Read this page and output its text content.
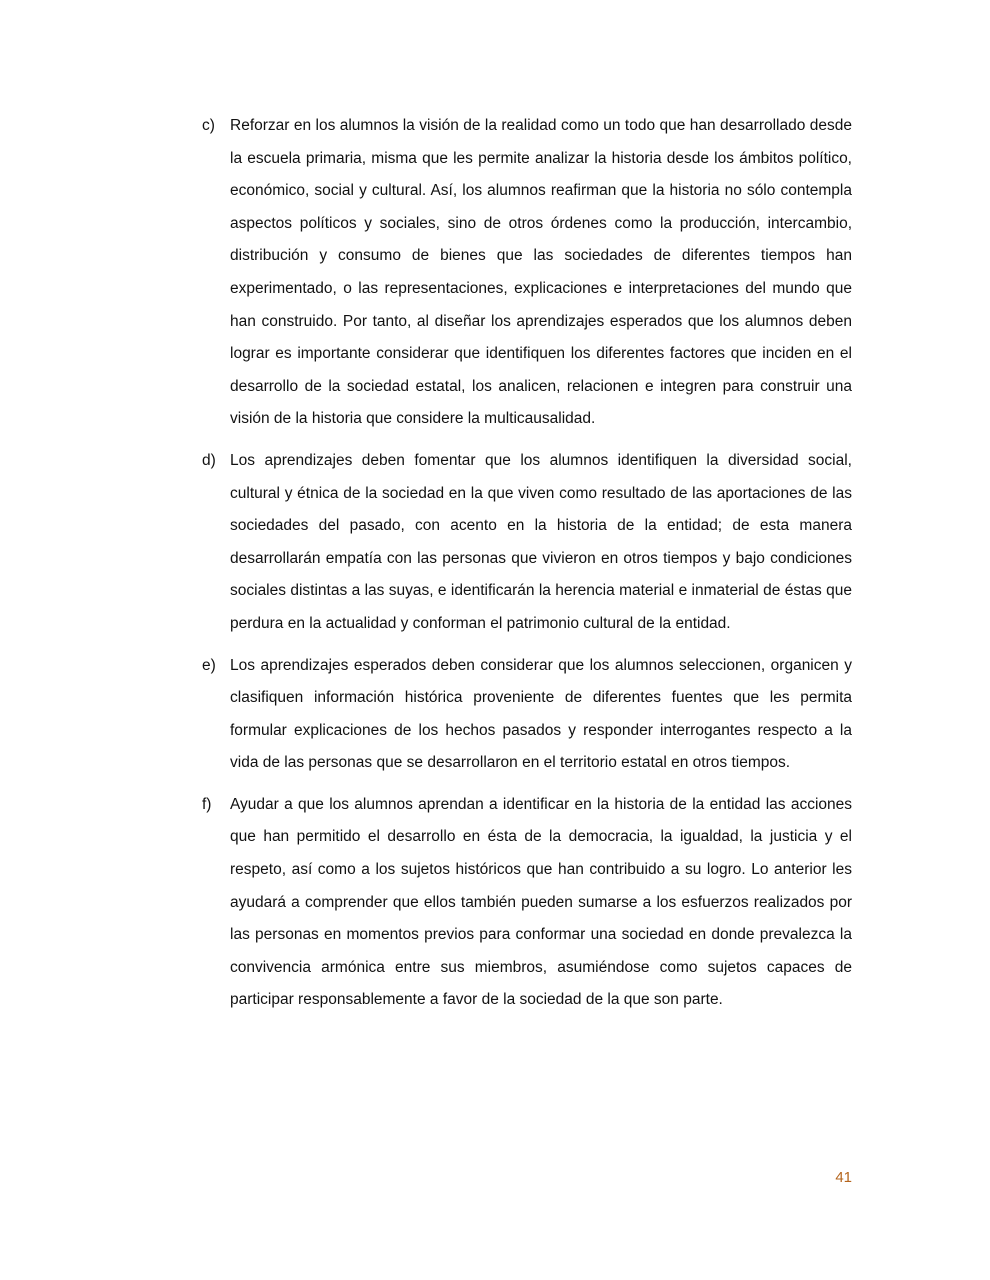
c) Reforzar en los alumnos la visión de la realidad como un todo que han desarrollado desde la escuela primaria, misma que les permite analizar la historia desde los ámbitos político, económico, social y cultural. Así, los alumnos reafirman que la historia no sólo contempla aspectos políticos y sociales, sino de otros órdenes como la producción, intercambio, distribución y consumo de bienes que las sociedades de diferentes tiempos han experimentado, o las representaciones, explicaciones e interpretaciones del mundo que han construido. Por tanto, al diseñar los aprendizajes esperados que los alumnos deben lograr es importante considerar que identifiquen los diferentes factores que inciden en el desarrollo de la sociedad estatal, los analicen, relacionen e integren para construir una visión de la historia que considere la multicausalidad.
d) Los aprendizajes deben fomentar que los alumnos identifiquen la diversidad social, cultural y étnica de la sociedad en la que viven como resultado de las aportaciones de las sociedades del pasado, con acento en la historia de la entidad; de esta manera desarrollarán empatía con las personas que vivieron en otros tiempos y bajo condiciones sociales distintas a las suyas, e identificarán la herencia material e inmaterial de éstas que perdura en la actualidad y conforman el patrimonio cultural de la entidad.
e) Los aprendizajes esperados deben considerar que los alumnos seleccionen, organicen y clasifiquen información histórica proveniente de diferentes fuentes que les permita formular explicaciones de los hechos pasados y responder interrogantes respecto a la vida de las personas que se desarrollaron en el territorio estatal en otros tiempos.
f)	Ayudar a que los alumnos aprendan a identificar en la historia de la entidad las acciones que han permitido el desarrollo en ésta de la democracia, la igualdad, la justicia y el respeto, así como a los sujetos históricos que han contribuido a su logro. Lo anterior les ayudará a comprender que ellos también pueden sumarse a los esfuerzos realizados por las personas en momentos previos para conformar una sociedad en donde prevalezca la convivencia armónica entre sus miembros, asumiéndose como sujetos capaces de participar responsablemente a favor de la sociedad de la que son parte.
41
